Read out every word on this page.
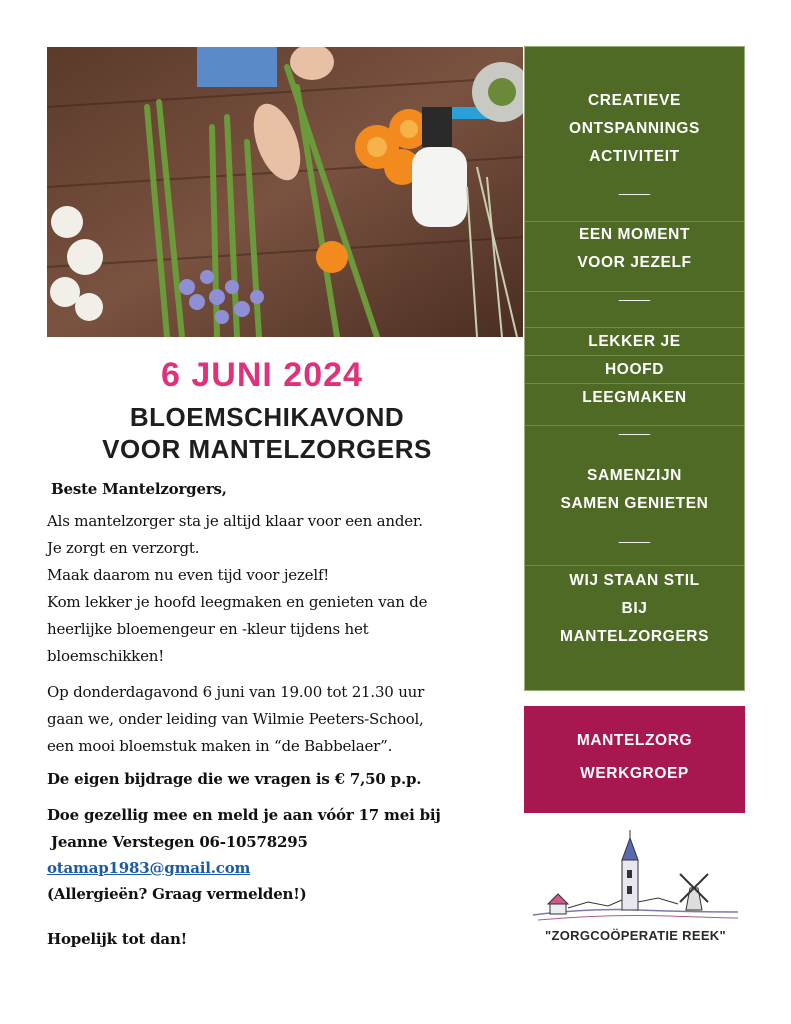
CREATIEVE
ONTSPANNINGS
ACTIVITEIT
____
EEN MOMENT
VOOR JEZELF
____
LEKKER JE
HOOFD
LEEGMAKEN
____
SAMENZIJN
SAMEN GENIETEN
____
WIJ STAAN STIL
BIJ
MANTELZORGERS
MANTELZORG
WERKGROEP
6 JUNI 2024
BLOEMSCHIKAVOND
VOOR MANTELZORGERS
Beste Mantelzorgers,
Als mantelzorger sta je altijd klaar voor een ander.
Je zorgt en verzorgt.
Maak daarom nu even tijd voor jezelf!
Kom lekker je hoofd leegmaken en genieten van de
heerlijke bloemengeur en -kleur tijdens het
bloemschikken!
Op donderdagavond 6 juni van 19.00 tot 21.30 uur
gaan we, onder leiding van Wilmie Peeters-School,
een mooi bloemstuk maken in “de Babbelaer”.
De eigen bijdrage die we vragen is € 7,50 p.p.
Doe gezellig mee en meld je aan vóór 17 mei bij
Jeanne Verstegen 06-10578295
otamap1983@gmail.com
(Allergieën? Graag vermelden!)
Hopelijk tot dan!	"ZORGCOÖPERATIE REEK"
